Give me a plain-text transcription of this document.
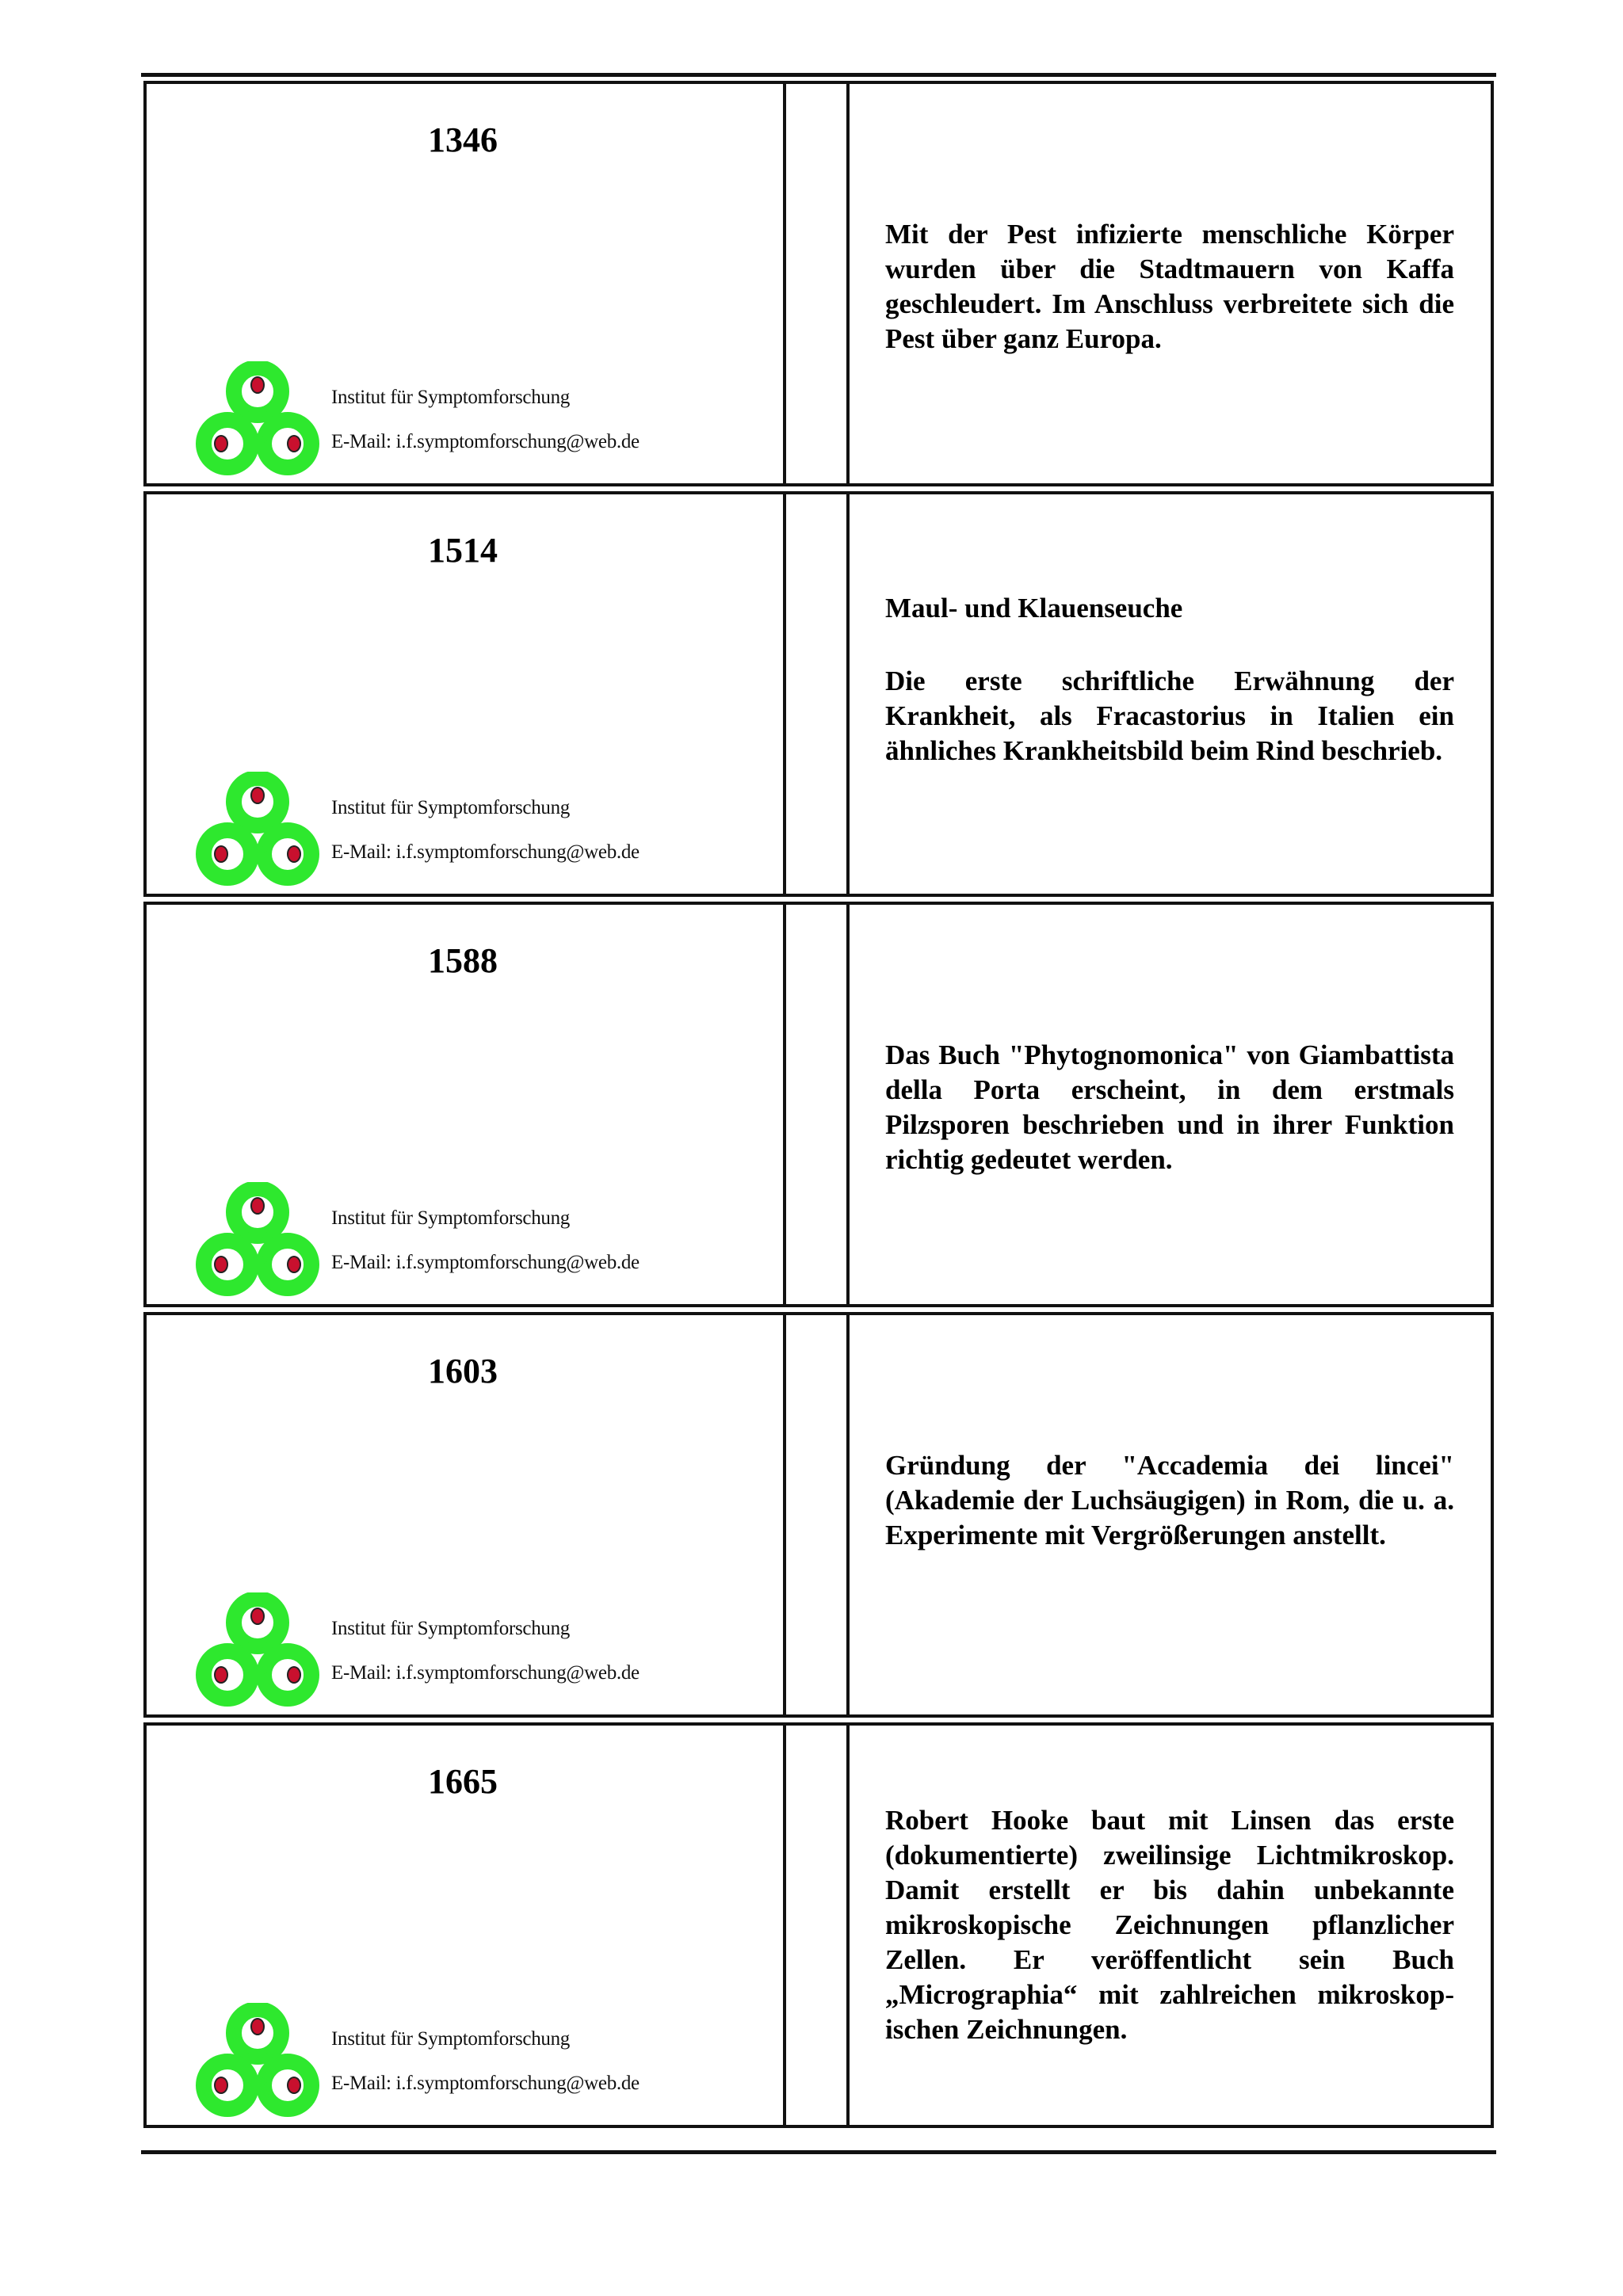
1346
Institut für Symptomforschung
E-Mail: i.f.symptomforschung@web.de

Mit der Pest infizierte menschliche Körper wurden über die Stadtmauern von Kaffa geschleudert. Im Anschluss verbreitete sich die Pest über ganz Europa.

1514
Institut für Symptomforschung
E-Mail: i.f.symptomforschung@web.de

Maul- und Klauenseuche

Die erste schriftliche Erwähnung der Krankheit, als Fracastorius in Italien ein ähnliches Krankheitsbild beim Rind beschrieb.

1588
Institut für Symptomforschung
E-Mail: i.f.symptomforschung@web.de

Das Buch "Phytognomonica" von Giambattista della Porta erscheint, in dem erstmals Pilzsporen beschrieben und in ihrer Funktion richtig gedeutet werden.

1603
Institut für Symptomforschung
E-Mail: i.f.symptomforschung@web.de

Gründung der "Accademia dei lincei" (Akademie der Luchsäugigen) in Rom, die u. a. Experimente mit Vergrößerungen anstellt.

1665
Institut für Symptomforschung
E-Mail: i.f.symptomforschung@web.de

Robert Hooke baut mit Linsen das erste (dokumentierte) zweilinsige Lichtmikroskop. Damit erstellt er bis dahin unbekannte mikroskopische Zeichnungen pflanzlicher Zellen. Er veröffentlicht sein Buch „Micrographia“ mit zahlreichen mikroskop-ischen Zeichnungen.
